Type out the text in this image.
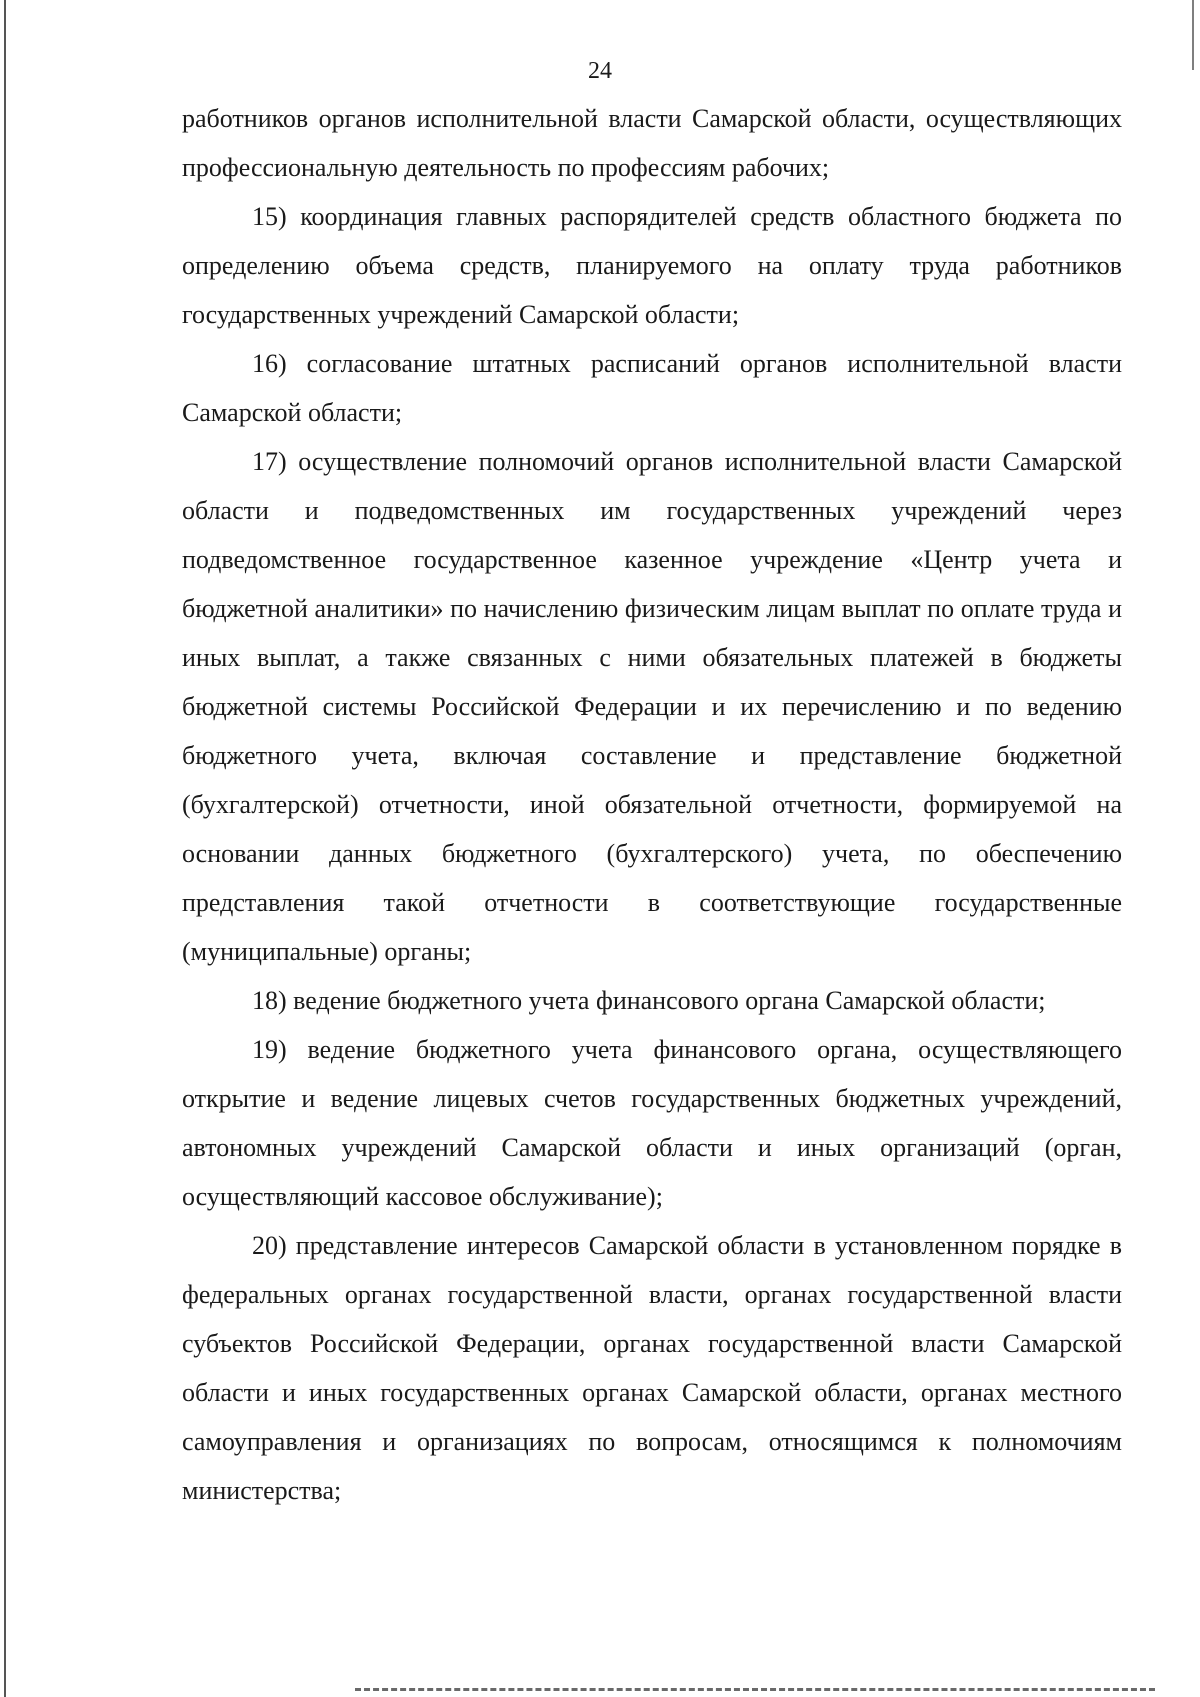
24

работников органов исполнительной власти Самарской области, осуществляющих профессиональную деятельность по профессиям рабочих;

15) координация главных распорядителей средств областного бюджета по определению объема средств, планируемого на оплату труда работников государственных учреждений Самарской области;

16) согласование штатных расписаний органов исполнительной власти Самарской области;

17) осуществление полномочий органов исполнительной власти Самарской области и подведомственных им государственных учреждений через подведомственное государственное казенное учреждение «Центр учета и бюджетной аналитики» по начислению физическим лицам выплат по оплате труда и иных выплат, а также связанных с ними обязательных платежей в бюджеты бюджетной системы Российской Федерации и их перечислению и по ведению бюджетного учета, включая составление и представление бюджетной (бухгалтерской) отчетности, иной обязательной отчетности, формируемой на основании данных бюджетного (бухгалтерского) учета, по обеспечению представления такой отчетности в соответствующие государственные (муниципальные) органы;

18) ведение бюджетного учета финансового органа Самарской области;

19) ведение бюджетного учета финансового органа, осуществляющего открытие и ведение лицевых счетов государственных бюджетных учреждений, автономных учреждений Самарской области и иных организаций (орган, осуществляющий кассовое обслуживание);

20) представление интересов Самарской области в установленном порядке в федеральных органах государственной власти, органах государственной власти субъектов Российской Федерации, органах государственной власти Самарской области и иных государственных органах Самарской области, органах местного самоуправления и организациях по вопросам, относящимся к полномочиям министерства;
